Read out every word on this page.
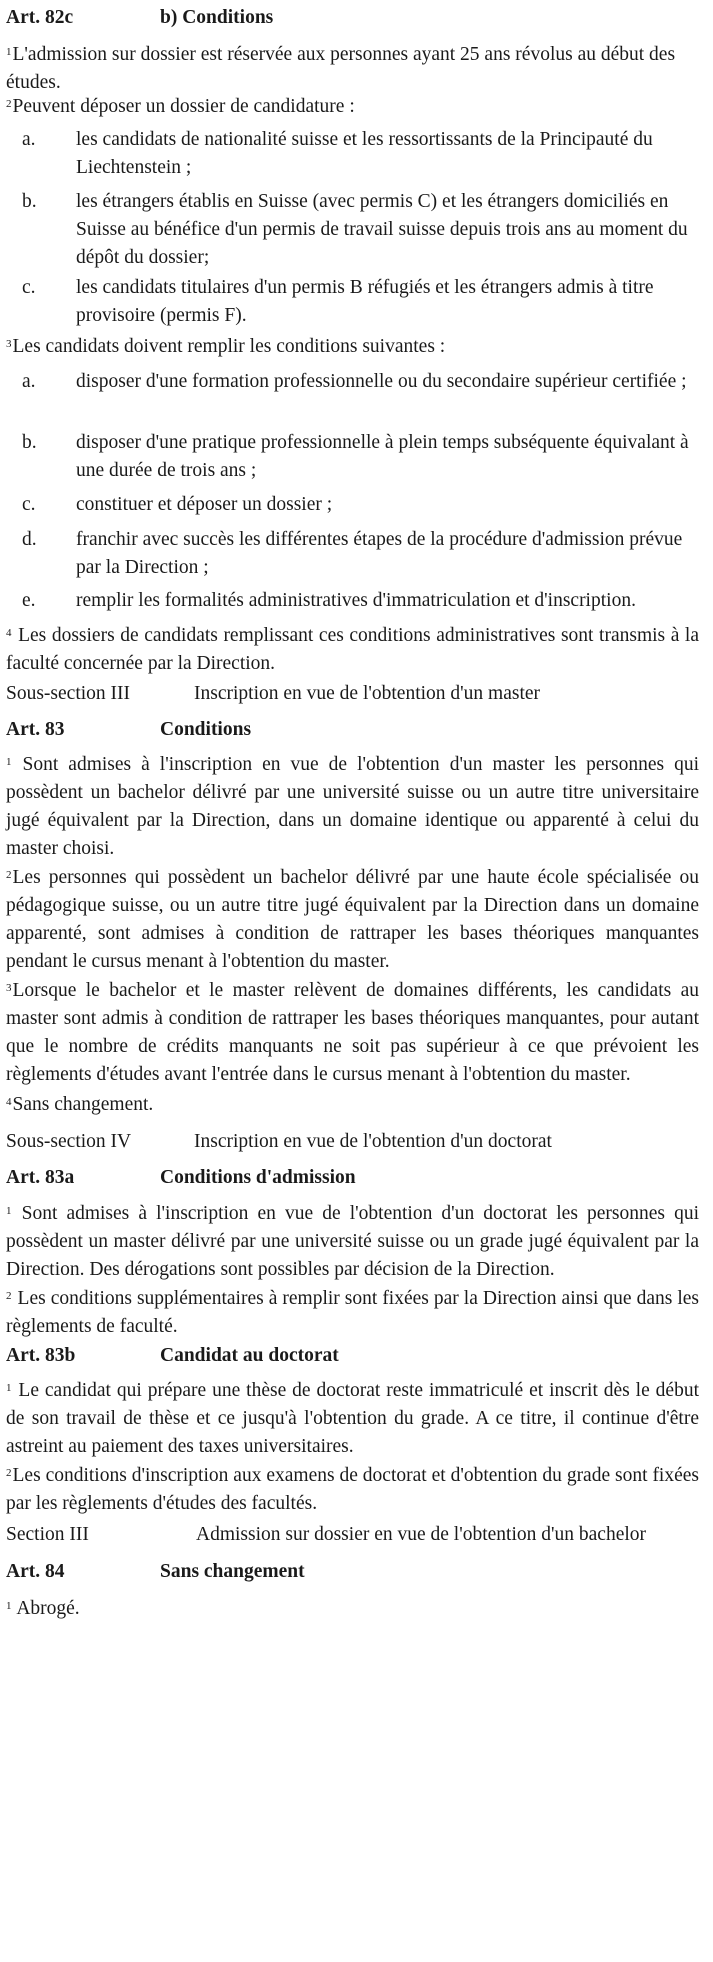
Art. 82c	b) Conditions
$^1$L'admission sur dossier est réservée aux personnes ayant 25 ans révolus au début des études.
$^2$Peuvent déposer un dossier de candidature :
a. les candidats de nationalité suisse et les ressortissants de la Principauté du Liechtenstein ;
b. les étrangers établis en Suisse (avec permis C) et les étrangers domiciliés en Suisse au bénéfice d'un permis de travail suisse depuis trois ans au moment du dépôt du dossier;
c. les candidats titulaires d'un permis B réfugiés et les étrangers admis à titre provisoire (permis F).
$^3$Les candidats doivent remplir les conditions suivantes :
a. disposer d'une formation professionnelle ou du secondaire supérieur certifiée ;
b. disposer d'une pratique professionnelle à plein temps subséquente équivalant à une durée de trois ans ;
c. constituer et déposer un dossier ;
d. franchir avec succès les différentes étapes de la procédure d'admission prévue par la Direction ;
e. remplir les formalités administratives d'immatriculation et d'inscription.
$^4$ Les dossiers de candidats remplissant ces conditions administratives sont transmis à la faculté concernée par la Direction.
Sous-section III	Inscription en vue de l'obtention d'un master
Art. 83	Conditions
$^1$ Sont admises à l'inscription en vue de l'obtention d'un master les personnes qui possèdent un bachelor délivré par une université suisse ou un autre titre universitaire jugé équivalent par la Direction, dans un domaine identique ou apparenté à celui du master choisi.
$^2$Les personnes qui possèdent un bachelor délivré par une haute école spécialisée ou pédagogique suisse, ou un autre titre jugé équivalent par la Direction dans un domaine apparenté, sont admises à condition de rattraper les bases théoriques manquantes pendant le cursus menant à l'obtention du master.
$^3$Lorsque le bachelor et le master relèvent de domaines différents, les candidats au master sont admis à condition de rattraper les bases théoriques manquantes, pour autant que le nombre de crédits manquants ne soit pas supérieur à ce que prévoient les règlements d'études avant l'entrée dans le cursus menant à l'obtention du master.
$^4$Sans changement.
Sous-section IV	Inscription en vue de l'obtention d'un doctorat
Art. 83a	Conditions d'admission
$^1$ Sont admises à l'inscription en vue de l'obtention d'un doctorat les personnes qui possèdent un master délivré par une université suisse ou un grade jugé équivalent par la Direction. Des dérogations sont possibles par décision de la Direction.
$^2$ Les conditions supplémentaires à remplir sont fixées par la Direction ainsi que dans les règlements de faculté.
Art. 83b	Candidat au doctorat
$^1$ Le candidat qui prépare une thèse de doctorat reste immatriculé et inscrit dès le début de son travail de thèse et ce jusqu'à l'obtention du grade. A ce titre, il continue d'être astreint au paiement des taxes universitaires.
$^2$Les conditions d'inscription aux examens de doctorat et d'obtention du grade sont fixées par les règlements d'études des facultés.
Section III	Admission sur dossier en vue de l'obtention d'un bachelor
Art. 84	Sans changement
$^1$ Abrogé.
